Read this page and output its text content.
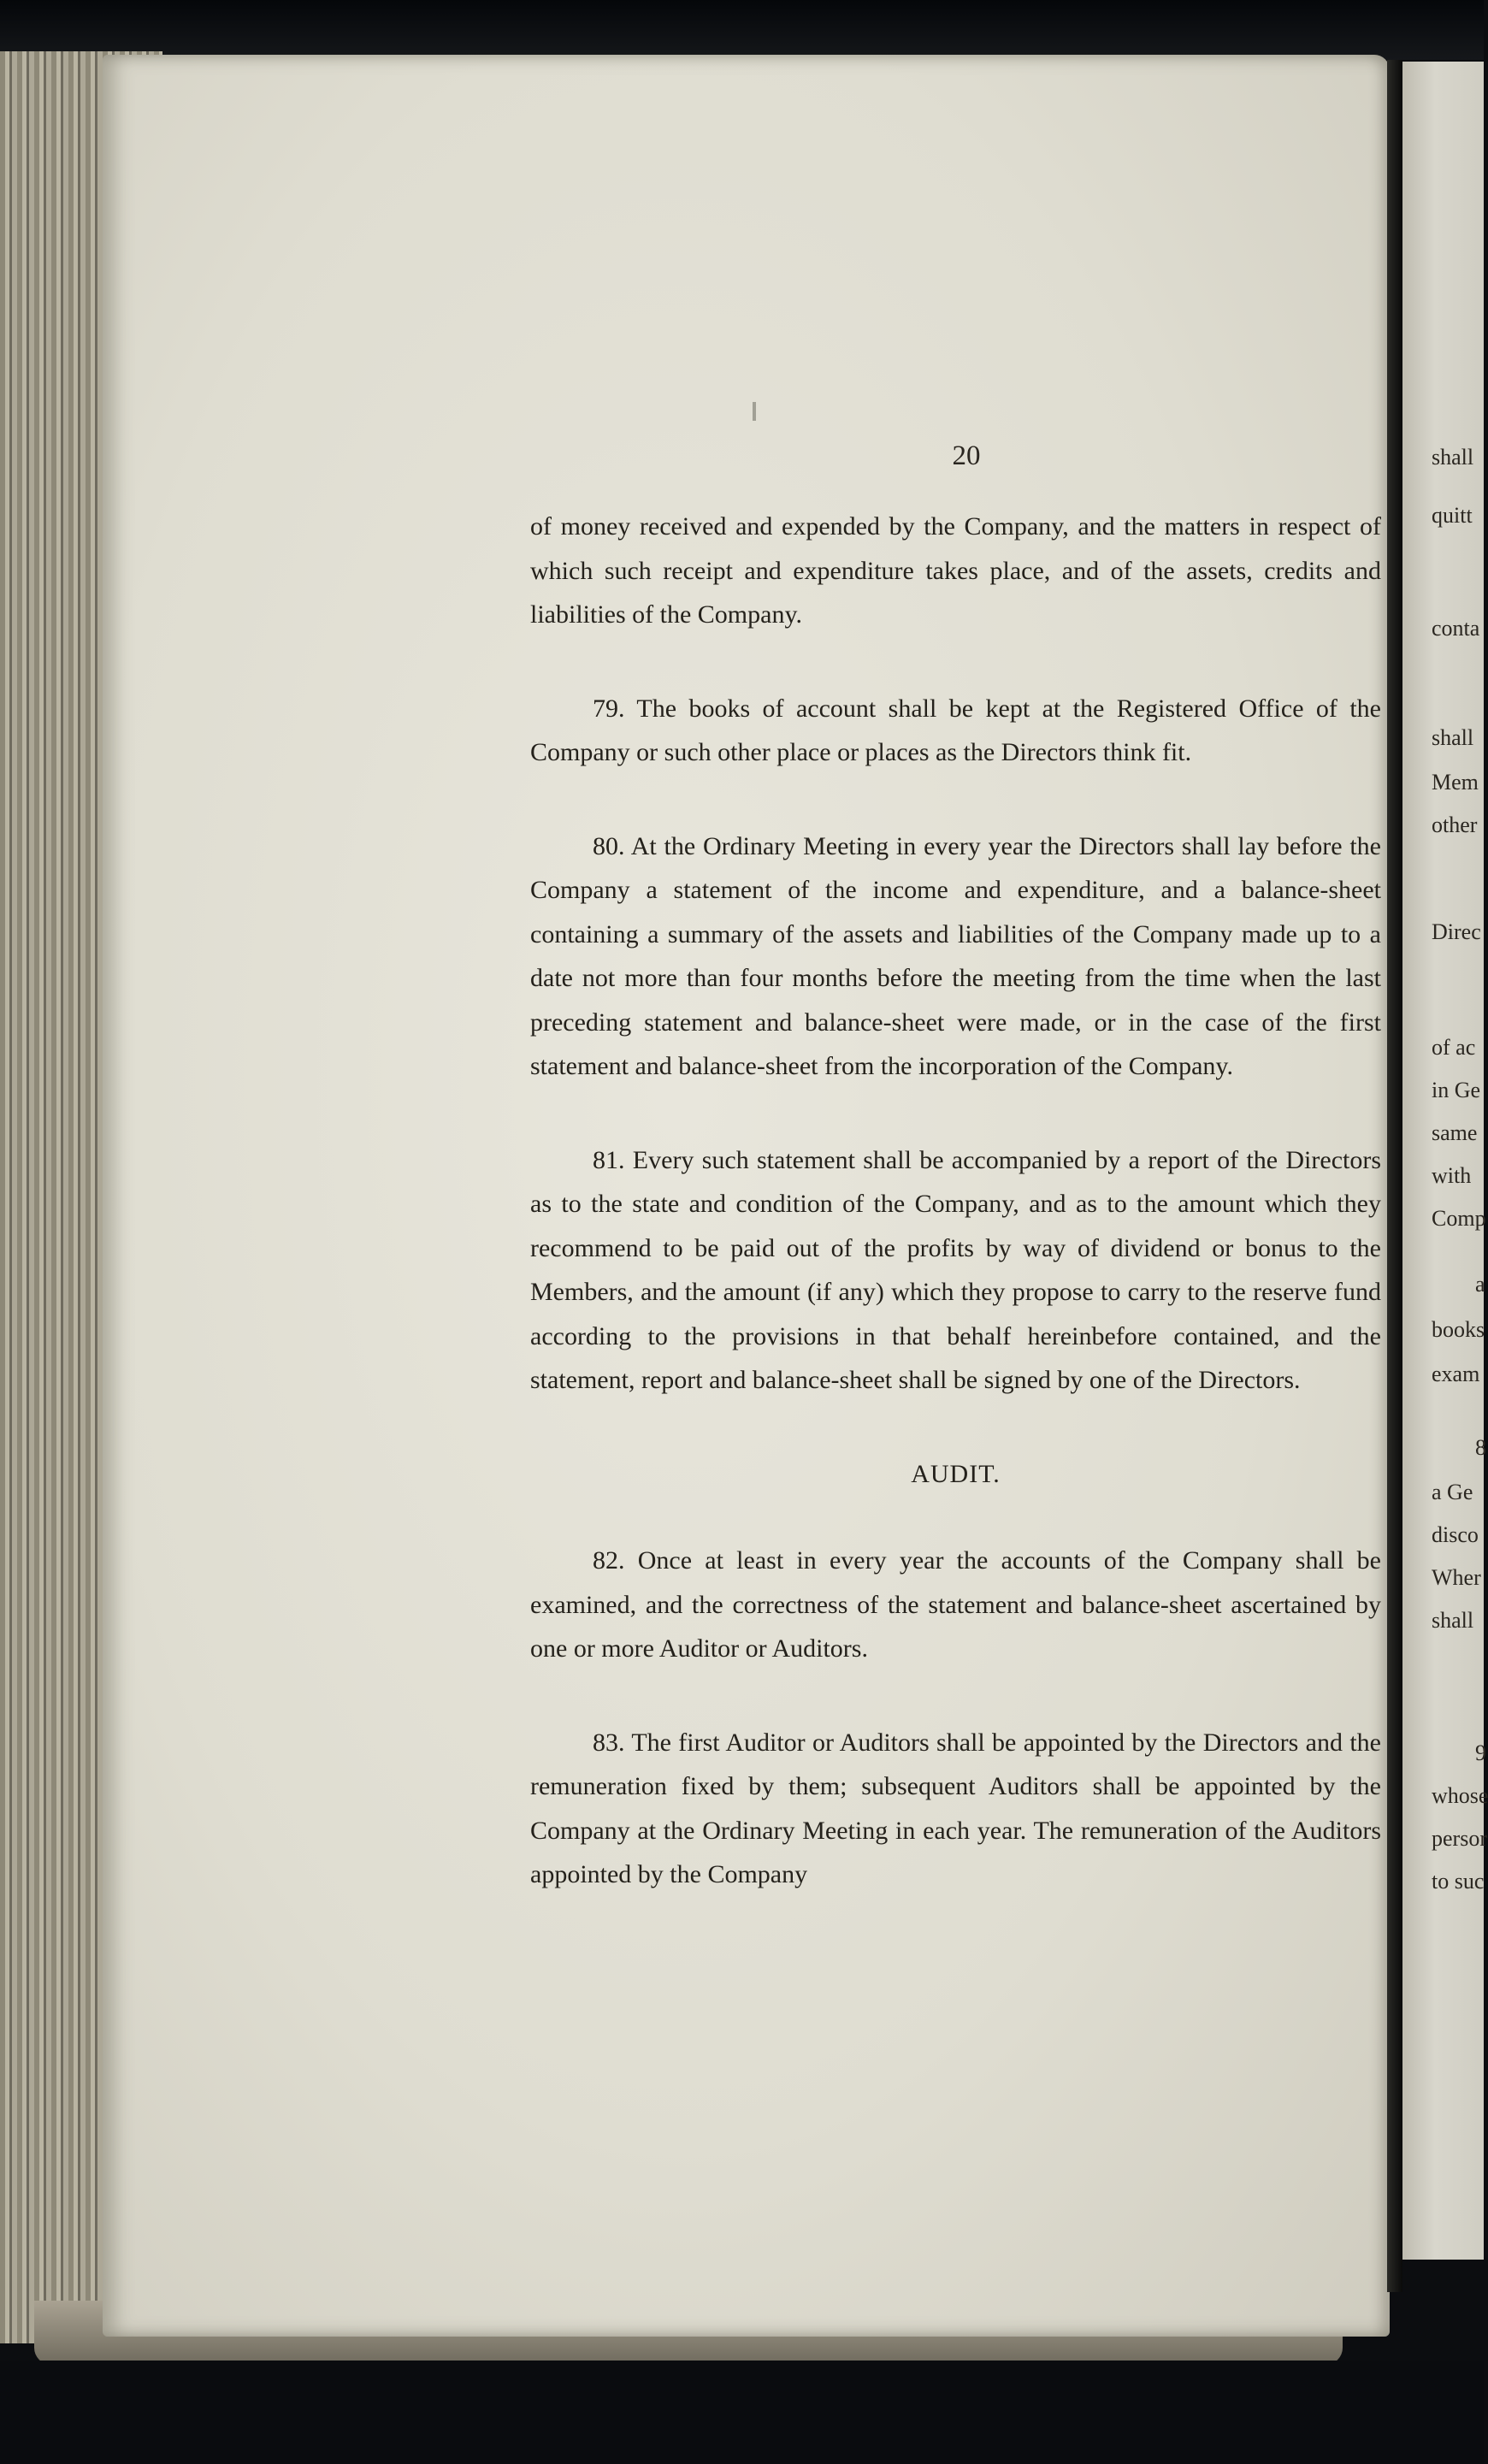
20

of money received and expended by the Company, and the matters in respect of which such receipt and expenditure takes place, and of the assets, credits and liabilities of the Company.

79. The books of account shall be kept at the Registered Office of the Company or such other place or places as the Directors think fit.

80. At the Ordinary Meeting in every year the Directors shall lay before the Company a statement of the income and expenditure, and a balance-sheet containing a summary of the assets and liabilities of the Company made up to a date not more than four months before the meeting from the time when the last preceding statement and balance-sheet were made, or in the case of the first statement and balance-sheet from the incorporation of the Company.

81. Every such statement shall be accompanied by a report of the Directors as to the state and condition of the Company, and as to the amount which they recommend to be paid out of the profits by way of dividend or bonus to the Members, and the amount (if any) which they propose to carry to the reserve fund according to the provisions in that behalf hereinbefore contained, and the statement, report and balance-sheet shall be signed by one of the Directors.

AUDIT.

82. Once at least in every year the accounts of the Company shall be examined, and the correctness of the statement and balance-sheet ascertained by one or more Auditor or Auditors.

83. The first Auditor or Auditors shall be appointed by the Directors and the remuneration fixed by them; subsequent Auditors shall be appointed by the Company at the Ordinary Meeting in each year. The remuneration of the Auditors appointed by the Company

shall
quitt
conta
shall
Mem
other
Direc
of ac
in Ge
same
with
Comp
a
books
exam
8
a Ge
disco
Wher
shall
9
whose
persor
to suc
